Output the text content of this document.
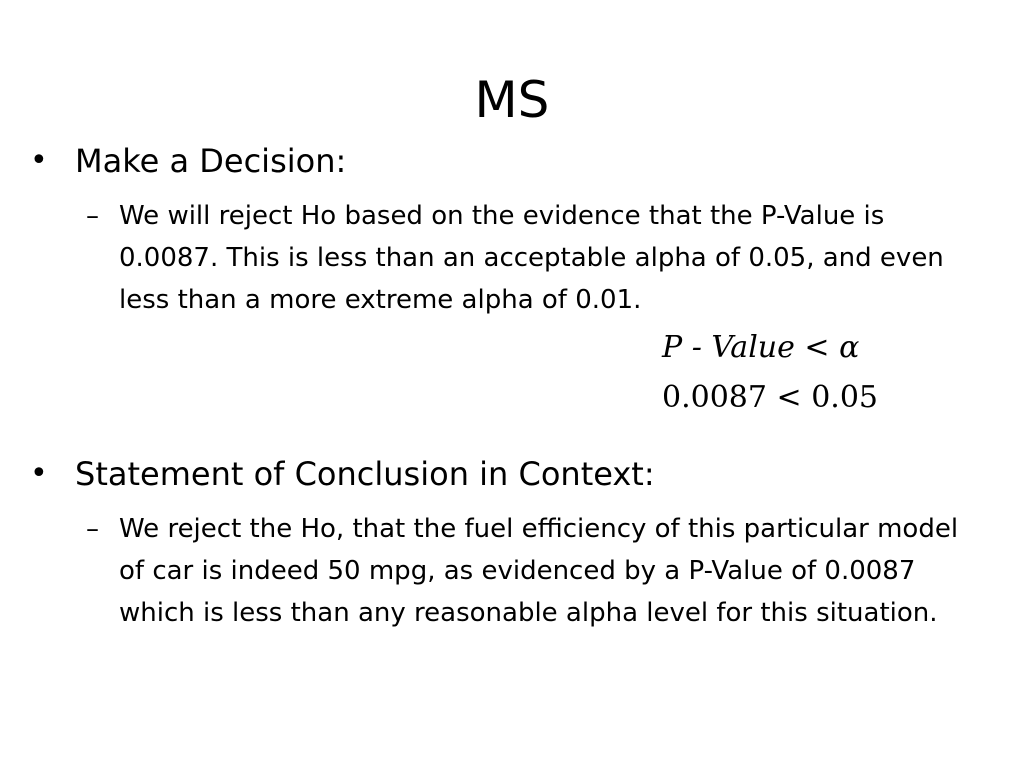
MS
• Make a Decision:
– We will reject Ho based on the evidence that the P-Value is 0.0087. This is less than an acceptable alpha of 0.05, and even less than a more extreme alpha of 0.01.
P - Value < α
0.0087 < 0.05
• Statement of Conclusion in Context:
– We reject the Ho, that the fuel efficiency of this particular model of car is indeed 50 mpg, as evidenced by a P-Value of 0.0087 which is less than any reasonable alpha level for this situation.
